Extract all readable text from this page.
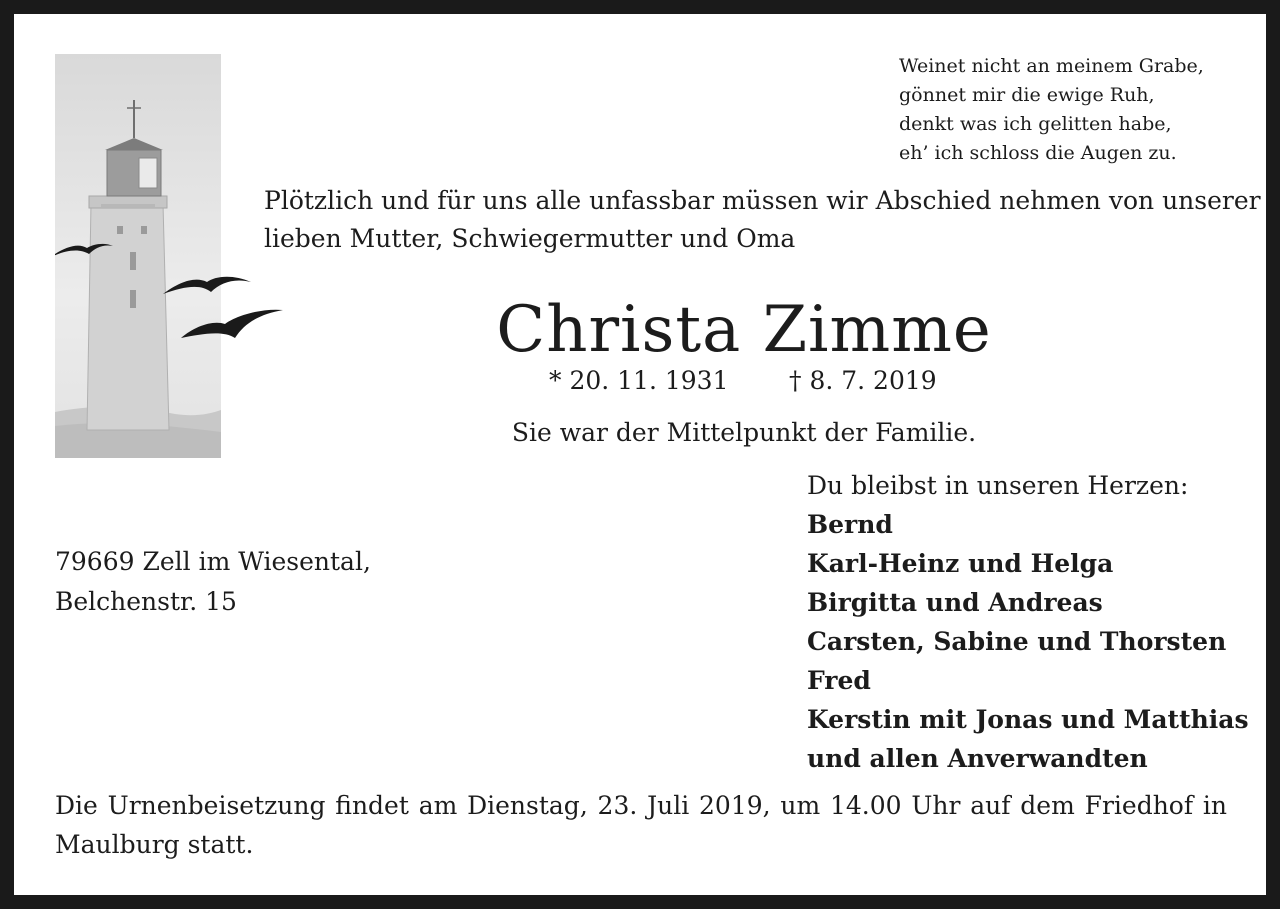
Weinet nicht an meinem Grabe,
gönnet mir die ewige Ruh,
denkt was ich gelitten habe,
eh’ ich schloss die Augen zu.
Plötzlich und für uns alle unfassbar müssen wir Abschied nehmen von unserer
lieben Mutter, Schwiegermutter und Oma
Christa Zimme
* 20. 11. 1931 † 8. 7. 2019
Sie war der Mittelpunkt der Familie.
79669 Zell im Wiesental,
Belchenstr. 15
Du bleibst in unseren Herzen:
Bernd
Karl-Heinz und Helga
Birgitta und Andreas
Carsten, Sabine und Thorsten
Fred
Kerstin mit Jonas und Matthias
und allen Anverwandten
Die Urnenbeisetzung findet am Dienstag, 23. Juli 2019, um 14.00 Uhr auf dem Friedhof in
Maulburg statt.
